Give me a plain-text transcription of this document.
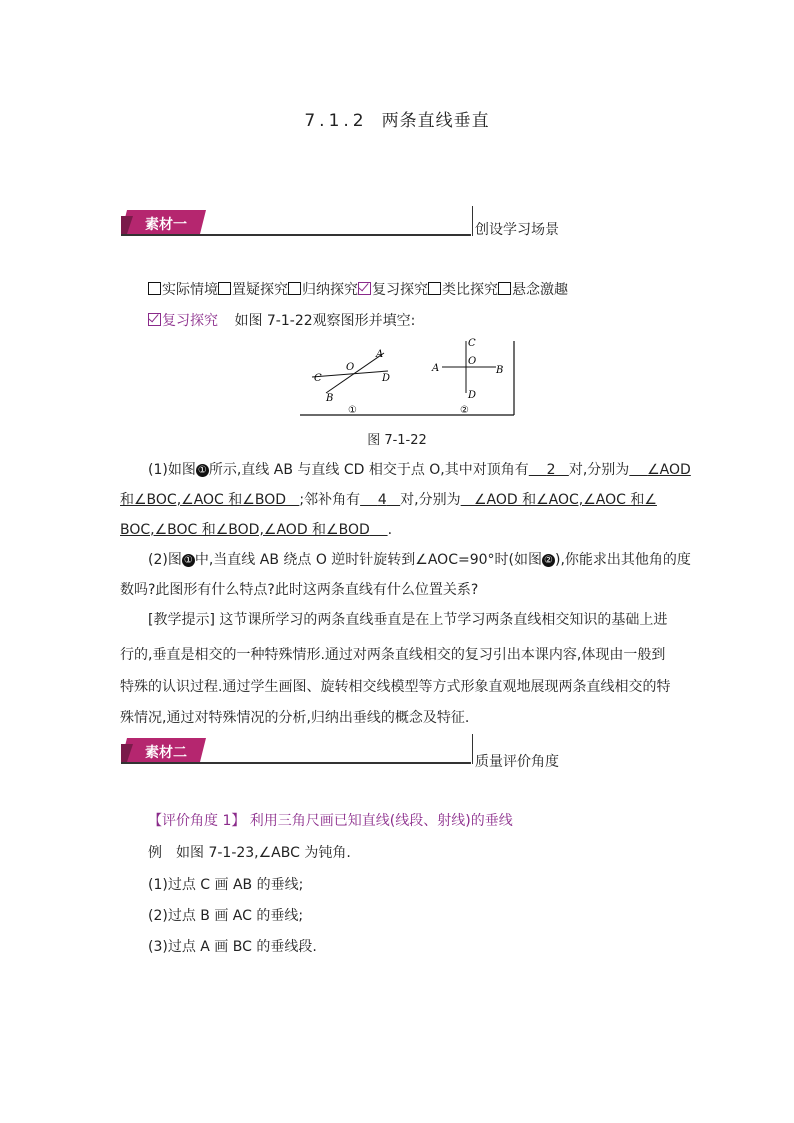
7.1.2 两条直线垂直
素材一	创设学习场景
实际情境 置疑探究 归纳探究 复习探究 类比探究 悬念激趣
复习探究 如图 7-1-22观察图形并填空:
A
B
C	D
O
①
A	B
C
D
O
②
图 7-1-22
(1)如图 ① 所示,直线 AB 与直线 CD 相交于点 O,其中对顶角有 2 对,分别为 ∠AOD
和∠BOC,∠AOC 和∠BOD ;邻补角有 4 对,分别为 ∠AOD 和∠AOC,∠AOC 和∠
BOC,∠BOC 和∠BOD,∠AOD 和∠BOD .
(2)图 ① 中,当直线 AB 绕点 O 逆时针旋转到∠AOC=90°时(如图 ② ),你能求出其他角的度
数吗?此图形有什么特点?此时这两条直线有什么位置关系?
[教学提示] 这节课所学习的两条直线垂直是在上节学习两条直线相交知识的基础上进
行的,垂直是相交的一种特殊情形.通过对两条直线相交的复习引出本课内容,体现由一般到
特殊的认识过程.通过学生画图、旋转相交线模型等方式形象直观地展现两条直线相交的特
殊情况,通过对特殊情况的分析,归纳出垂线的概念及特征.
素材二
质量评价角度
【评价角度 1】 利用三角尺画已知直线(线段、射线)的垂线
例　如图 7-1-23,∠ABC 为钝角.
(1)过点 C 画 AB 的垂线;
(2)过点 B 画 AC 的垂线;
(3)过点 A 画 BC 的垂线段.
